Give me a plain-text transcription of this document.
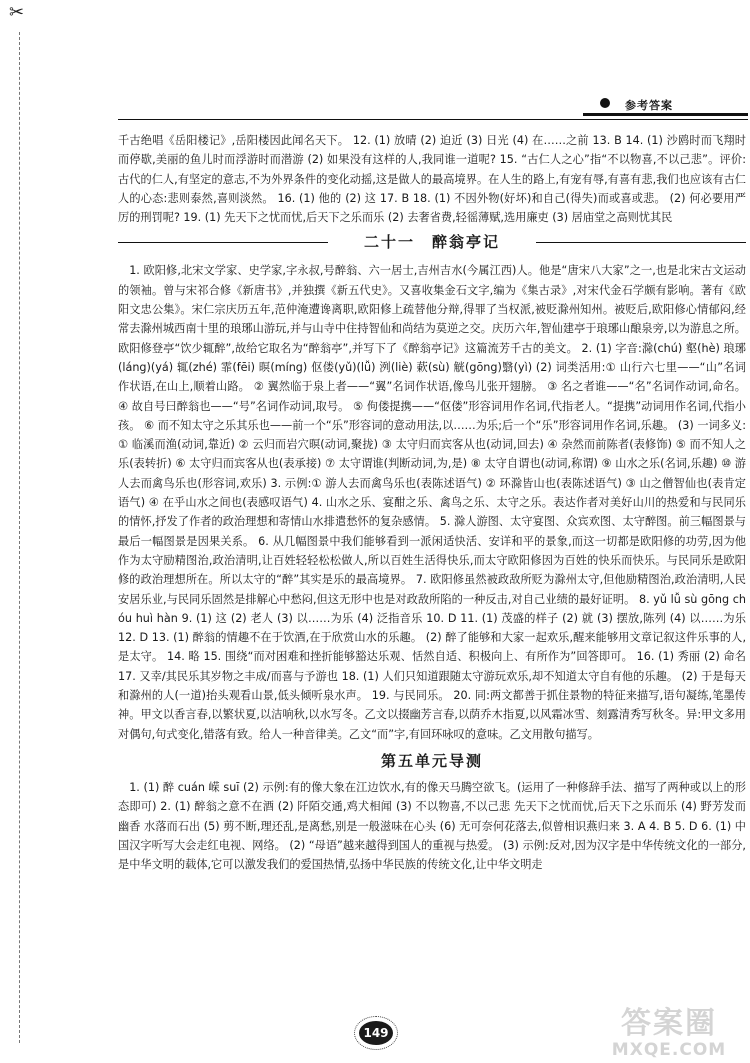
✂
参考答案

千古绝唱《岳阳楼记》,岳阳楼因此闻名天下。 12. (1) 放晴 (2) 迫近 (3) 日光 (4) 在……之前 13. B 14. (1) 沙鸥时而飞翔时而停歇,美丽的鱼儿时而浮游时而潜游 (2) 如果没有这样的人,我同谁一道呢? 15. “古仁人之心”指“不以物喜,不以己悲”。评价:古代的仁人,有坚定的意志,不为外界条件的变化动摇,这是做人的最高境界。在人生的路上,有宠有辱,有喜有悲,我们也应该有古仁人的心态:悲则泰然,喜则淡然。 16. (1) 他的 (2) 这 17. B 18. (1) 不因外物(好坏)和自己(得失)而或喜或悲。 (2) 何必要用严厉的刑罚呢? 19. (1) 先天下之忧而忧,后天下之乐而乐 (2) 去奢省费,轻徭薄赋,选用廉吏 (3) 居庙堂之高则忧其民

二十一　醉翁亭记

1. 欧阳修,北宋文学家、史学家,字永叔,号醉翁、六一居士,吉州吉水(今属江西)人。他是“唐宋八大家”之一,也是北宋古文运动的领袖。曾与宋祁合修《新唐书》,并独撰《新五代史》。又喜收集金石文字,编为《集古录》,对宋代金石学颇有影响。著有《欧阳文忠公集》。宋仁宗庆历五年,范仲淹遭谗离职,欧阳修上疏替他分辩,得罪了当权派,被贬滁州知州。被贬后,欧阳修心情郁闷,经常去滁州城西南十里的琅琊山游玩,并与山寺中住持智仙和尚结为莫逆之交。庆历六年,智仙建亭于琅琊山酿泉旁,以为游息之所。欧阳修登亭“饮少辄醉”,故给它取名为“醉翁亭”,并写下了《醉翁亭记》这篇流芳千古的美文。 2. (1) 字音:滁(chú) 壑(hè) 琅琊(láng)(yá) 辄(zhé) 霏(fēi) 暝(míng) 伛偻(yǔ)(lǚ) 洌(liè) 蔌(sù) 觥(gōng)翳(yì) (2) 词类活用:① 山行六七里——“山”名词作状语,在山上,顺着山路。 ② 翼然临于泉上者——“翼”名词作状语,像鸟儿张开翅膀。 ③ 名之者谁——“名”名词作动词,命名。 ④ 故自号曰醉翁也——“号”名词作动词,取号。 ⑤ 佝偻提携——“伛偻”形容词用作名词,代指老人。“提携”动词用作名词,代指小孩。 ⑥ 而不知太守之乐其乐也——前一个“乐”形容词的意动用法,以……为乐;后一个“乐”形容词用作名词,乐趣。 (3) 一词多义:① 临溪而渔(动词,靠近) ② 云归而岩穴暝(动词,聚拢) ③ 太守归而宾客从也(动词,回去) ④ 杂然而前陈者(表修饰) ⑤ 而不知人之乐(表转折) ⑥ 太守归而宾客从也(表承接) ⑦ 太守谓谁(判断动词,为,是) ⑧ 太守自谓也(动词,称谓) ⑨ 山水之乐(名词,乐趣) ⑩ 游人去而禽鸟乐也(形容词,欢乐) 3. 示例:① 游人去而禽鸟乐也(表陈述语气) ② 环滁皆山也(表陈述语气) ③ 山之僧智仙也(表肯定语气) ④ 在乎山水之间也(表感叹语气) 4. 山水之乐、宴酣之乐、禽鸟之乐、太守之乐。表达作者对美好山川的热爱和与民同乐的情怀,抒发了作者的政治理想和寄情山水排遣愁怀的复杂感情。 5. 滁人游图、太守宴图、众宾欢图、太守醉图。前三幅图景与最后一幅图景是因果关系。 6. 从几幅图景中我们能够看到一派闲适快活、安详和平的景象,而这一切都是欧阳修的功劳,因为他作为太守励精图治,政治清明,让百姓轻轻松松做人,所以百姓生活得快乐,而太守欧阳修因为百姓的快乐而快乐。与民同乐是欧阳修的政治理想所在。所以太守的“醉”其实是乐的最高境界。 7. 欧阳修虽然被政敌所贬为滁州太守,但他励精图治,政治清明,人民安居乐业,与民同乐固然是排解心中愁闷,但这无形中也是对政敌所陷的一种反击,对自己业绩的最好证明。 8. yǔ lǚ sù gōng chóu huì hàn 9. (1) 这 (2) 老人 (3) 以……为乐 (4) 泛指音乐 10. D 11. (1) 茂盛的样子 (2) 就 (3) 摆放,陈列 (4) 以……为乐 12. D 13. (1) 醉翁的情趣不在于饮酒,在于欣赏山水的乐趣。 (2) 醉了能够和大家一起欢乐,醒来能够用文章记叙这件乐事的人,是太守。 14. 略 15. 围绕“而对困难和挫折能够豁达乐观、恬然自适、积极向上、有所作为”回答即可。 16. (1) 秀丽 (2) 命名 17. 又幸/其民乐其岁物之丰成/而喜与予游也 18. (1) 人们只知道跟随太守游玩欢乐,却不知道太守自有他的乐趣。 (2) 于是每天和滁州的人(一道)抬头观看山景,低头倾听泉水声。 19. 与民同乐。 20. 同:两文都善于抓住景物的特征来描写,语句凝练,笔墨传神。甲文以香言春,以繁状夏,以洁响秋,以水写冬。乙文以掇幽芳言春,以荫乔木指夏,以风霜冰雪、刻露清秀写秋冬。异:甲文多用对偶句,句式变化,错落有致。给人一种音律美。乙文“而”字,有回环咏叹的意味。乙文用散句描写。

第五单元导测

1. (1) 醉 cuán 嵘 suī (2) 示例:有的像大象在江边饮水,有的像天马腾空欲飞。(运用了一种修辞手法、描写了两种或以上的形态即可) 2. (1) 醉翁之意不在酒 (2) 阡陌交通,鸡犬相闻 (3) 不以物喜,不以己悲 先天下之忧而忧,后天下之乐而乐 (4) 野芳发而幽香 水落而石出 (5) 剪不断,理还乱,是离愁,别是一般滋味在心头 (6) 无可奈何花落去,似曾相识燕归来 3. A 4. B 5. D 6. (1) 中国汉字听写大会走红电视、网络。 (2) “母语”越来越得到国人的重视与热爱。 (3) 示例:反对,因为汉字是中华传统文化的一部分,是中华文明的载体,它可以激发我们的爱国热情,弘扬中华民族的传统文化,让中华文明走

149	答案圈
MXQE.COM
